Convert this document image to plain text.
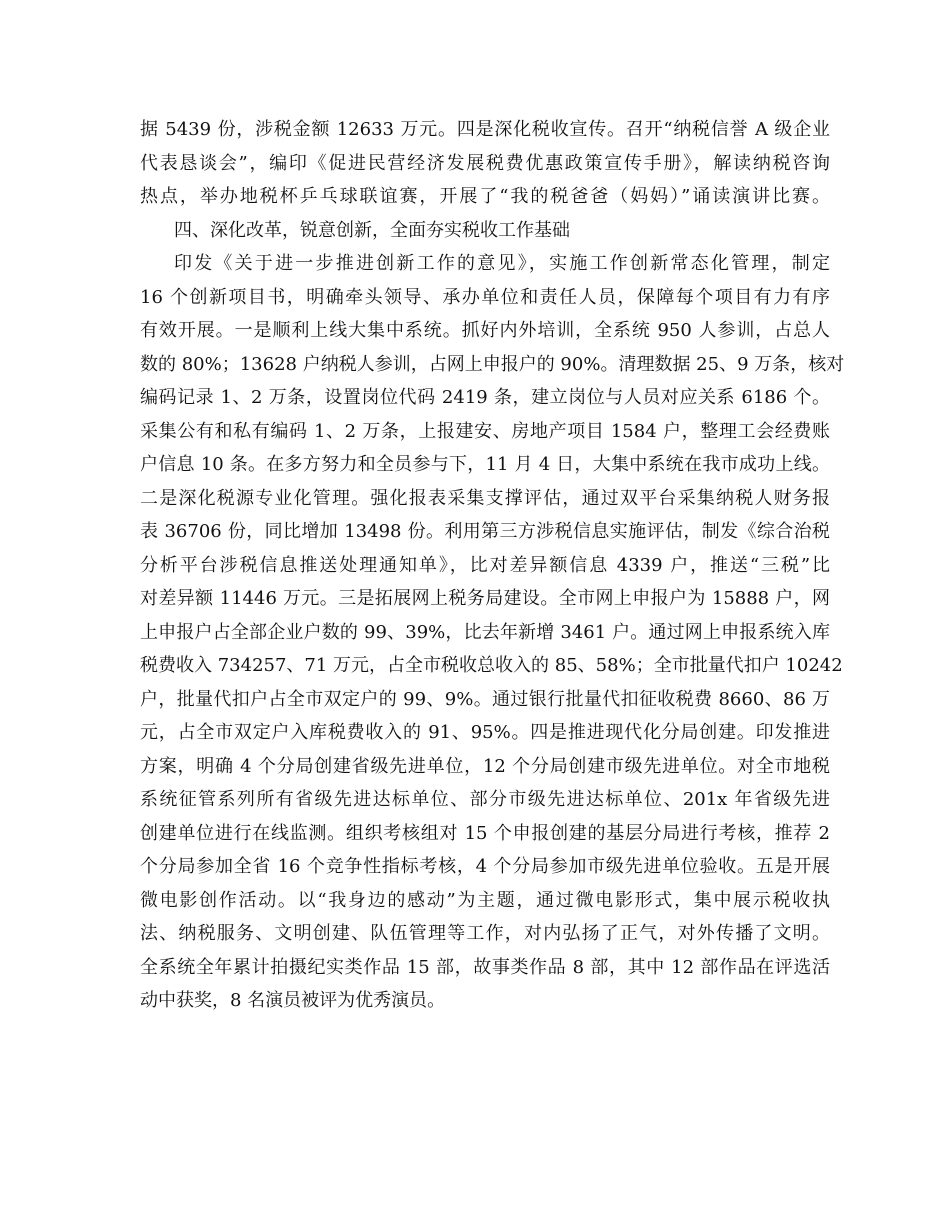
据 5439 份，涉税金额 12633 万元。四是深化税收宣传。召开“纳税信誉 A 级企业
代表恳谈会”，编印《促进民营经济发展税费优惠政策宣传手册》，解读纳税咨询
热点，举办地税杯乒乓球联谊赛，开展了“我的税爸爸（妈妈）”诵读演讲比赛。
四、深化改革，锐意创新，全面夯实税收工作基础
印发《关于进一步推进创新工作的意见》，实施工作创新常态化管理，制定
16 个创新项目书，明确牵头领导、承办单位和责任人员，保障每个项目有力有序
有效开展。一是顺利上线大集中系统。抓好内外培训，全系统 950 人参训，占总人
数的 80%；13628 户纳税人参训，占网上申报户的 90%。清理数据 25、9 万条，核对
编码记录 1、2 万条，设置岗位代码 2419 条，建立岗位与人员对应关系 6186 个。
采集公有和私有编码 1、2 万条，上报建安、房地产项目 1584 户，整理工会经费账
户信息 10 条。在多方努力和全员参与下，11 月 4 日，大集中系统在我市成功上线。
二是深化税源专业化管理。强化报表采集支撑评估，通过双平台采集纳税人财务报
表 36706 份，同比增加 13498 份。利用第三方涉税信息实施评估，制发《综合治税
分析平台涉税信息推送处理通知单》，比对差异额信息 4339 户，推送“三税”比
对差异额 11446 万元。三是拓展网上税务局建设。全市网上申报户为 15888 户，网
上申报户占全部企业户数的 99、39%，比去年新增 3461 户。通过网上申报系统入库
税费收入 734257、71 万元，占全市税收总收入的 85、58%；全市批量代扣户 10242
户，批量代扣户占全市双定户的 99、9%。通过银行批量代扣征收税费 8660、86 万
元，占全市双定户入库税费收入的 91、95%。四是推进现代化分局创建。印发推进
方案，明确 4 个分局创建省级先进单位，12 个分局创建市级先进单位。对全市地税
系统征管系列所有省级先进达标单位、部分市级先进达标单位、201x 年省级先进
创建单位进行在线监测。组织考核组对 15 个申报创建的基层分局进行考核，推荐 2
个分局参加全省 16 个竞争性指标考核，4 个分局参加市级先进单位验收。五是开展
微电影创作活动。以“我身边的感动”为主题，通过微电影形式，集中展示税收执
法、纳税服务、文明创建、队伍管理等工作，对内弘扬了正气，对外传播了文明。
全系统全年累计拍摄纪实类作品 15 部，故事类作品 8 部，其中 12 部作品在评选活
动中获奖，8 名演员被评为优秀演员。
